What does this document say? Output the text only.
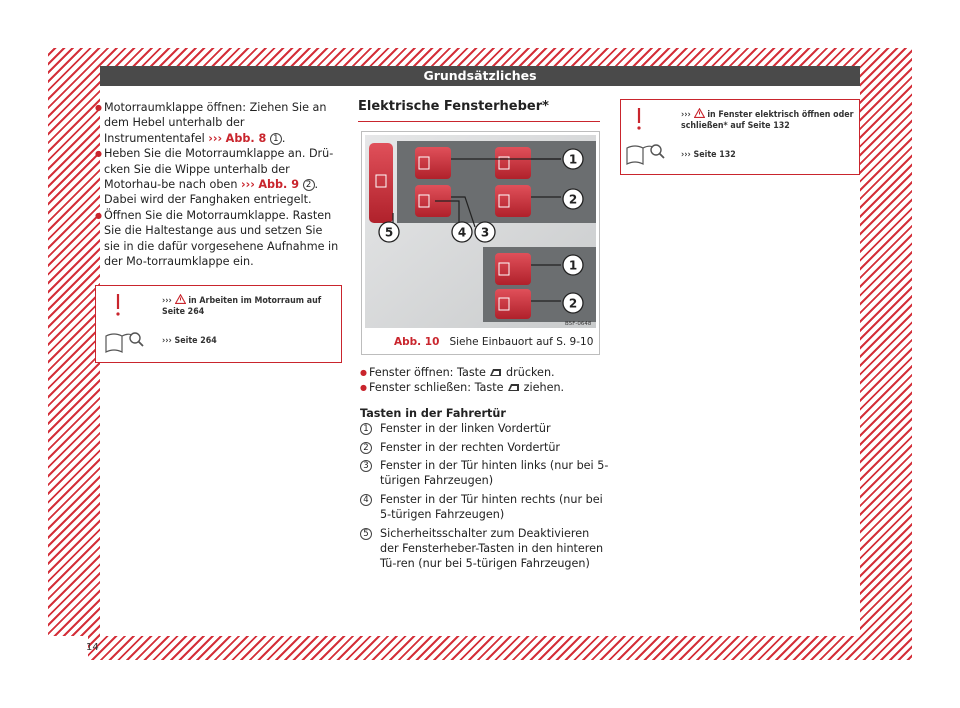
Grundsätzliches
14
● Motorraumklappe öffnen: Ziehen Sie an dem Hebel unterhalb der Instrumententafel ››› Abb. 8 1 .
● Heben Sie die Motorraumklappe an. Drü-cken Sie die Wippe unterhalb der Motorhau-be nach oben ››› Abb. 9 2 . Dabei wird der Fanghaken entriegelt.
● Öffnen Sie die Motorraumklappe. Rasten Sie die Haltestange aus und setzen Sie sie in die dafür vorgesehene Aufnahme in der Mo-torraumklappe ein.
››› in Arbeiten im Motorraum auf
Seite 264
››› Seite 264
Elektrische Fensterheber*
1
2
3
4
5
1
2
B5F-0648
Abb. 10 Siehe Einbauort auf S. 9-10
● Fenster öffnen: Taste  drücken.
● Fenster schließen: Taste  ziehen.
Tasten in der Fahrertür
1 Fenster in der linken Vordertür
2 Fenster in der rechten Vordertür
3 Fenster in der Tür hinten links (nur bei 5-türigen Fahrzeugen)
4 Fenster in der Tür hinten rechts (nur bei 5-türigen Fahrzeugen)
5 Sicherheitsschalter zum Deaktivieren der Fensterheber-Tasten in den hinteren Tü-ren (nur bei 5-türigen Fahrzeugen)
››› in Fenster elektrisch öffnen oder
schließen* auf Seite 132
››› Seite 132
